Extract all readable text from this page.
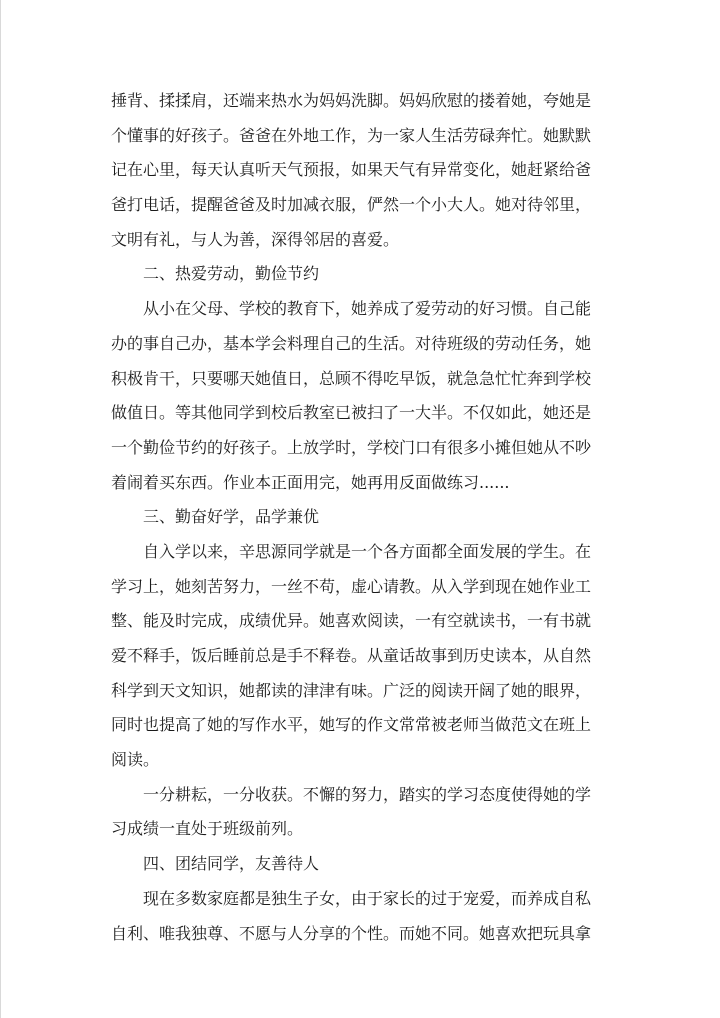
捶背、揉揉肩，还端来热水为妈妈洗脚。妈妈欣慰的搂着她，夸她是
个懂事的好孩子。爸爸在外地工作，为一家人生活劳碌奔忙。她默默
记在心里，每天认真听天气预报，如果天气有异常变化，她赶紧给爸
爸打电话，提醒爸爸及时加减衣服，俨然一个小大人。她对待邻里，
文明有礼，与人为善，深得邻居的喜爱。
　　二、热爱劳动，勤俭节约
　　从小在父母、学校的教育下，她养成了爱劳动的好习惯。自己能
办的事自己办，基本学会料理自己的生活。对待班级的劳动任务，她
积极肯干，只要哪天她值日，总顾不得吃早饭，就急急忙忙奔到学校
做值日。等其他同学到校后教室已被扫了一大半。不仅如此，她还是
一个勤俭节约的好孩子。上放学时，学校门口有很多小摊但她从不吵
着闹着买东西。作业本正面用完，她再用反面做练习......
　　三、勤奋好学，品学兼优
　　自入学以来，辛思源同学就是一个各方面都全面发展的学生。在
学习上，她刻苦努力，一丝不苟，虚心请教。从入学到现在她作业工
整、能及时完成，成绩优异。她喜欢阅读，一有空就读书，一有书就
爱不释手，饭后睡前总是手不释卷。从童话故事到历史读本，从自然
科学到天文知识，她都读的津津有味。广泛的阅读开阔了她的眼界，
同时也提高了她的写作水平，她写的作文常常被老师当做范文在班上
阅读。
　　一分耕耘，一分收获。不懈的努力，踏实的学习态度使得她的学
习成绩一直处于班级前列。
　　四、团结同学，友善待人
　　现在多数家庭都是独生子女，由于家长的过于宠爱，而养成自私
自利、唯我独尊、不愿与人分享的个性。而她不同。她喜欢把玩具拿
